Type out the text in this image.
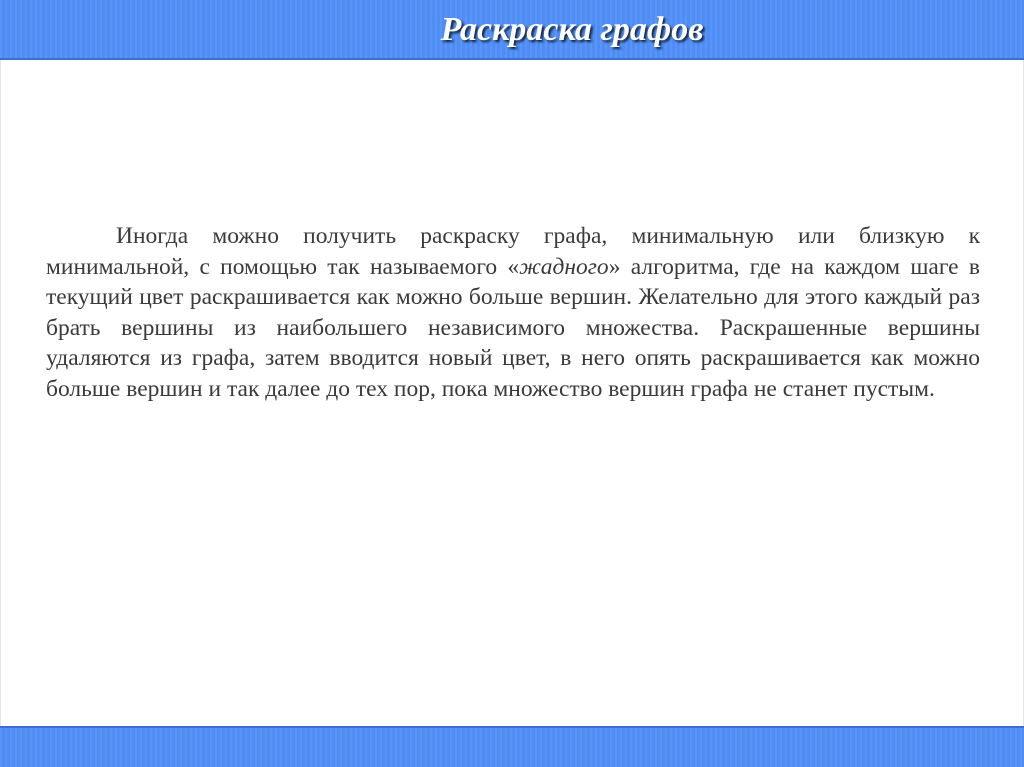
Раскраска графов

Иногда можно получить раскраску графа, минимальную или близкую к минимальной, с помощью так называемого «жадного» алгоритма, где на каждом шаге в текущий цвет раскрашивается как можно больше вершин. Желательно для этого каждый раз брать вершины из наибольшего независимого множества. Раскрашенные вершины удаляются из графа, затем вводится новый цвет, в него опять раскрашивается как можно больше вершин и так далее до тех пор, пока множество вершин графа не станет пустым.
